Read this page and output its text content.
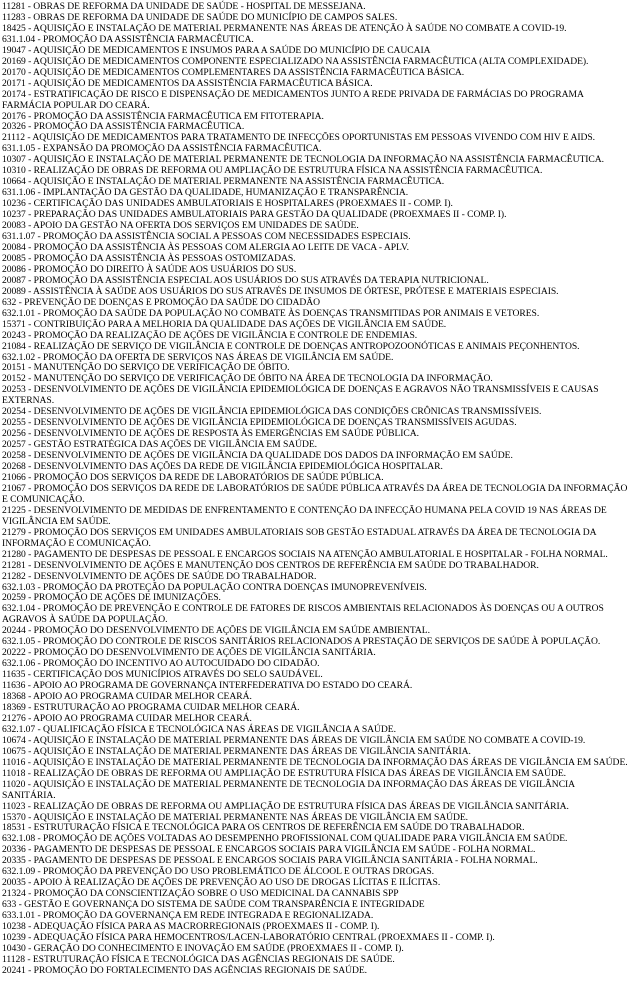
11281 - OBRAS DE REFORMA DA UNIDADE DE SAÚDE - HOSPITAL DE MESSEJANA.

11283 - OBRAS DE REFORMA DA UNIDADE DE SAÚDE DO MUNICÍPIO DE CAMPOS SALES.

18425 - AQUISIÇÃO E INSTALAÇÃO DE MATERIAL PERMANENTE NAS ÁREAS DE ATENÇÃO À SAÚDE NO COMBATE A COVID-19.

631.1.04 - PROMOÇÃO DA ASSISTÊNCIA FARMACÊUTICA.

19047 - AQUISIÇÃO DE MEDICAMENTOS E INSUMOS PARA A SAÚDE DO MUNICÍPIO DE CAUCAIA

20169 - AQUISIÇÃO DE MEDICAMENTOS COMPONENTE ESPECIALIZADO NA ASSISTÊNCIA FARMACÊUTICA (ALTA COMPLEXIDADE).

20170 - AQUISIÇÃO DE MEDICAMENTOS COMPLEMENTARES DA ASSISTÊNCIA FARMACÊUTICA BÁSICA.

20171 - AQUISIÇÃO DE MEDICAMENTOS DA ASSISTÊNCIA FARMACÊUTICA BÁSICA.

20174 - ESTRATIFICAÇÃO DE RISCO E DISPENSAÇÃO DE MEDICAMENTOS JUNTO A REDE PRIVADA DE FARMÁCIAS DO PROGRAMA FARMÁCIA POPULAR DO CEARÁ.

20176 - PROMOÇÃO DA ASSISTÊNCIA FARMACÊUTICA EM FITOTERAPIA.

20326 - PROMOÇÃO DA ASSISTÊNCIA FARMACÊUTICA.

21112 - AQUISIÇÃO DE MEDICAMENTOS PARA TRATAMENTO DE INFECÇÕES OPORTUNISTAS EM PESSOAS VIVENDO COM HIV E AIDS.

631.1.05 - EXPANSÃO DA PROMOÇÃO DA ASSISTÊNCIA FARMACÊUTICA.

10307 - AQUISIÇÃO E INSTALAÇÃO DE MATERIAL PERMANENTE DE TECNOLOGIA DA INFORMAÇÃO NA ASSISTÊNCIA FARMACÊUTICA.

10310 - REALIZAÇÃO DE OBRAS DE REFORMA OU AMPLIAÇÃO DE ESTRUTURA FÍSICA NA ASSISTÊNCIA FARMACÊUTICA.

10664 - AQUISIÇÃO E INSTALAÇÃO DE MATERIAL PERMANENTE NA ASSISTÊNCIA FARMACÊUTICA.

631.1.06 - IMPLANTAÇÃO DA GESTÃO DA QUALIDADE, HUMANIZAÇÃO E TRANSPARÊNCIA.

10236 - CERTIFICAÇÃO DAS UNIDADES AMBULATORIAIS E HOSPITALARES (PROEXMAES II - COMP. I).

10237 - PREPARAÇÃO DAS UNIDADES AMBULATORIAIS PARA GESTÃO DA QUALIDADE (PROEXMAES II - COMP. I).

20083 - APOIO DA GESTÃO NA OFERTA DOS SERVIÇOS EM UNIDADES DE SAÚDE.

631.1.07 - PROMOÇÃO DA ASSISTÊNCIA SOCIAL A PESSOAS COM NECESSIDADES ESPECIAIS.

20084 - PROMOÇÃO DA ASSISTÊNCIA ÀS PESSOAS COM ALERGIA AO LEITE DE VACA - APLV.

20085 - PROMOÇÃO DA ASSISTÊNCIA ÀS PESSOAS OSTOMIZADAS.

20086 - PROMOÇÃO DO DIREITO À SAÚDE AOS USUÁRIOS DO SUS.

20087 - PROMOÇÃO DA ASSISTÊNCIA ESPECIAL AOS USUÁRIOS DO SUS ATRAVÉS DA TERAPIA NUTRICIONAL.

20089 - ASSISTÊNCIA À SAÚDE AOS USUÁRIOS DO SUS ATRAVÉS DE INSUMOS DE ÓRTESE, PRÓTESE E MATERIAIS ESPECIAIS.

632 - PREVENÇÃO DE DOENÇAS E PROMOÇÃO DA SAÚDE DO CIDADÃO

632.1.01 - PROMOÇÃO DA SAÚDE DA POPULAÇÃO NO COMBATE ÀS DOENÇAS TRANSMITIDAS POR ANIMAIS E VETORES.

15371 - CONTRIBUIÇÃO PARA A MELHORIA DA QUALIDADE DAS AÇÕES DE VIGILÂNCIA EM SAÚDE.

20243 - PROMOÇÃO DA REALIZAÇÃO DE AÇÕES DE VIGILÂNCIA E CONTROLE DE ENDEMIAS.

21084 - REALIZAÇÃO DE SERVIÇO DE VIGILÂNCIA E CONTROLE DE DOENÇAS ANTROPOZOONÓTICAS E ANIMAIS PEÇONHENTOS.

632.1.02 - PROMOÇÃO DA OFERTA DE SERVIÇOS NAS ÁREAS DE VIGILÂNCIA EM SAÚDE.

20151 - MANUTENÇÃO DO SERVIÇO DE VERIFICAÇÃO DE ÓBITO.

20152 - MANUTENÇÃO DO SERVIÇO DE VERIFICAÇÃO DE ÓBITO NA ÁREA DE TECNOLOGIA DA INFORMAÇÃO.

20253 - DESENVOLVIMENTO DE AÇÕES DE VIGILÂNCIA EPIDEMIOLÓGICA DE DOENÇAS E AGRAVOS NÃO TRANSMISSÍVEIS E CAUSAS EXTERNAS.

20254 - DESENVOLVIMENTO DE AÇÕES DE VIGILÂNCIA EPIDEMIOLÓGICA DAS CONDIÇÕES CRÔNICAS TRANSMISSÍVEIS.

20255 - DESENVOLVIMENTO DE AÇÕES DE VIGILÂNCIA EPIDEMIOLÓGICA DE DOENÇAS TRANSMISSÍVEIS AGUDAS.

20256 - DESENVOLVIMENTO DE AÇÕES DE RESPOSTA ÀS EMERGÊNCIAS EM SAÚDE PÚBLICA.

20257 - GESTÃO ESTRATÉGICA DAS AÇÕES DE VIGILÂNCIA EM SAÚDE.

20258 - DESENVOLVIMENTO DE AÇÕES DE VIGILÂNCIA DA QUALIDADE DOS DADOS DA INFORMAÇÃO EM SAÚDE.

20268 - DESENVOLVIMENTO DAS AÇÕES DA REDE DE VIGILÂNCIA EPIDEMIOLÓGICA HOSPITALAR.

21066 - PROMOÇÃO DOS SERVIÇOS DA REDE DE LABORATÓRIOS DE SAÚDE PÚBLICA.

21067 - PROMOÇÃO DOS SERVIÇOS DA REDE DE LABORATÓRIOS DE SAÚDE PÚBLICA ATRAVÉS DA ÁREA DE TECNOLOGIA DA INFORMAÇÃO E COMUNICAÇÃO.

21225 - DESENVOLVIMENTO DE MEDIDAS DE ENFRENTAMENTO E CONTENÇÃO DA INFECÇÃO HUMANA PELA COVID 19 NAS ÁREAS DE VIGILÂNCIA EM SAÚDE.

21279 - PROMOÇÃO DOS SERVIÇOS EM UNIDADES AMBULATORIAIS SOB GESTÃO ESTADUAL ATRAVÉS DA ÁREA DE TECNOLOGIA DA INFORMAÇÃO E COMUNICAÇÃO.

21280 - PAGAMENTO DE DESPESAS DE PESSOAL E ENCARGOS SOCIAIS NA ATENÇÃO AMBULATORIAL E HOSPITALAR - FOLHA NORMAL.

21281 - DESENVOLVIMENTO DE AÇÕES E MANUTENÇÃO DOS CENTROS DE REFERÊNCIA EM SAÚDE DO TRABALHADOR.

21282 - DESENVOLVIMENTO DE AÇÕES DE SAÚDE DO TRABALHADOR.

632.1.03 - PROMOÇÃO DA PROTEÇÃO DA POPULAÇÃO CONTRA DOENÇAS IMUNOPREVENÍVEIS.

20259 - PROMOÇÃO DE AÇÕES DE IMUNIZAÇÕES.

632.1.04 - PROMOÇÃO DE PREVENÇÃO E CONTROLE DE FATORES DE RISCOS AMBIENTAIS RELACIONADOS ÀS DOENÇAS OU A OUTROS AGRAVOS À SAÚDE DA POPULAÇÃO.

20244 - PROMOÇÃO DO DESENVOLVIMENTO DE AÇÕES DE VIGILÂNCIA EM SAÚDE AMBIENTAL.

632.1.05 - PROMOÇÃO DO CONTROLE DE RISCOS SANITÁRIOS RELACIONADOS A PRESTAÇÃO DE SERVIÇOS DE SAÚDE À POPULAÇÃO.

20222 - PROMOÇÃO DO DESENVOLVIMENTO DE AÇÕES DE VIGILÂNCIA SANITÁRIA.

632.1.06 - PROMOÇÃO DO INCENTIVO AO AUTOCUIDADO DO CIDADÃO.

11635 - CERTIFICAÇÃO DOS MUNICÍPIOS ATRAVÉS DO SELO SAUDÁVEL.

11636 - APOIO AO PROGRAMA DE GOVERNANÇA INTERFEDERATIVA DO ESTADO DO CEARÁ.

18368 - APOIO AO PROGRAMA CUIDAR MELHOR CEARÁ.

18369 - ESTRUTURAÇÃO AO PROGRAMA CUIDAR MELHOR CEARÁ.

21276 - APOIO AO PROGRAMA CUIDAR MELHOR CEARÁ.

632.1.07 - QUALIFICAÇÃO FÍSICA E TECNOLÓGICA NAS ÁREAS DE VIGILÂNCIA A SAÚDE.

10674 - AQUISIÇÃO E INSTALAÇÃO DE MATERIAL PERMANENTE DAS ÁREAS DE VIGILÂNCIA EM SAÚDE NO COMBATE A COVID-19.

10675 - AQUISIÇÃO E INSTALAÇÃO DE MATERIAL PERMANENTE DAS ÁREAS DE VIGILÂNCIA SANITÁRIA.

11016 - AQUISIÇÃO E INSTALAÇÃO DE MATERIAL PERMANENTE DE TECNOLOGIA DA INFORMAÇÃO DAS ÁREAS DE VIGILÂNCIA EM SAÚDE.

11018 - REALIZAÇÃO DE OBRAS DE REFORMA OU AMPLIAÇÃO DE ESTRUTURA FÍSICA DAS ÁREAS DE VIGILÂNCIA EM SAÚDE.

11020 - AQUISIÇÃO E INSTALAÇÃO DE MATERIAL PERMANENTE DE TECNOLOGIA DA INFORMAÇÃO DAS ÁREAS DE VIGILÂNCIA SANITÁRIA.

11023 - REALIZAÇÃO DE OBRAS DE REFORMA OU AMPLIAÇÃO DE ESTRUTURA FÍSICA DAS ÁREAS DE VIGILÂNCIA SANITÁRIA.

15370 - AQUISIÇÃO E INSTALAÇÃO DE MATERIAL PERMANENTE NAS ÁREAS DE VIGILÂNCIA EM SAÚDE.

18531 - ESTRUTURAÇÃO FÍSICA E TECNOLÓGICA PARA OS CENTROS DE REFERÊNCIA EM SAÚDE DO TRABALHADOR.

632.1.08 - PROMOÇÃO DE AÇÕES VOLTADAS AO DESEMPENHO PROFISSIONAL COM QUALIDADE PARA VIGILÂNCIA EM SAÚDE.

20336 - PAGAMENTO DE DESPESAS DE PESSOAL E ENCARGOS SOCIAIS PARA VIGILÂNCIA EM SAÚDE - FOLHA NORMAL.

20335 - PAGAMENTO DE DESPESAS DE PESSOAL E ENCARGOS SOCIAIS PARA VIGILÂNCIA SANITÁRIA - FOLHA NORMAL.

632.1.09 - PROMOÇÃO DA PREVENÇÃO DO USO PROBLEMÁTICO DE ÁLCOOL E OUTRAS DROGAS.

20035 - APOIO À REALIZAÇÃO DE AÇÕES DE PREVENÇÃO AO USO DE DROGAS LÍCITAS E ILÍCITAS.

21324 - PROMOÇÃO DA CONSCIENTIZAÇÃO SOBRE O USO MEDICINAL DA CANNABIS SPP

633 - GESTÃO E GOVERNANÇA DO SISTEMA DE SAÚDE COM TRANSPARÊNCIA E INTEGRIDADE

633.1.01 - PROMOÇÃO DA GOVERNANÇA EM REDE INTEGRADA E REGIONALIZADA.

10238 - ADEQUAÇÃO FÍSICA PARA AS MACRORREGIONAIS (PROEXMAES II - COMP. I).

10239 - ADEQUAÇÃO FÍSICA PARA HEMOCENTROS/LACEN-LABORATÓRIO CENTRAL (PROEXMAES II - COMP. I).

10430 - GERAÇÃO DO CONHECIMENTO E INOVAÇÃO EM SAÚDE (PROEXMAES II - COMP. I).

11128 - ESTRUTURAÇÃO FÍSICA E TECNOLÓGICA DAS AGÊNCIAS REGIONAIS DE SAÚDE.

20241 - PROMOÇÃO DO FORTALECIMENTO DAS AGÊNCIAS REGIONAIS DE SAÚDE.
